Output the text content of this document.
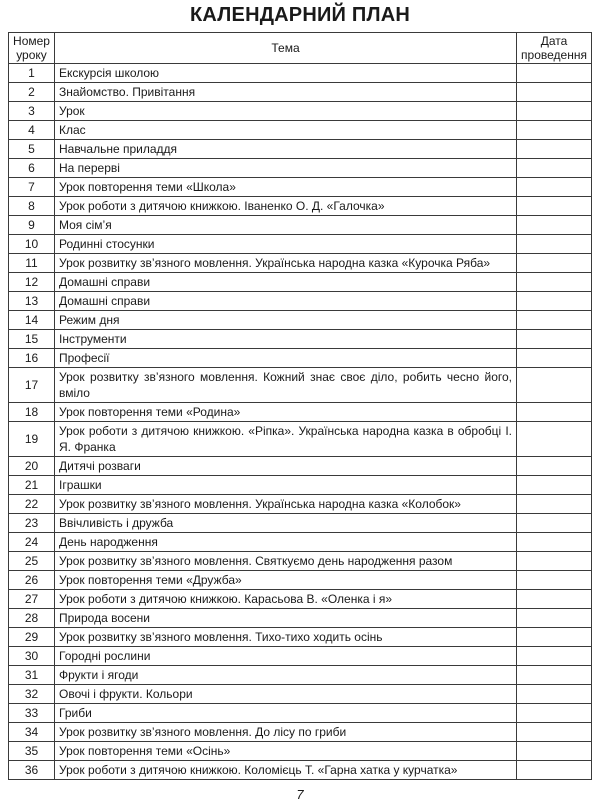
КАЛЕНДАРНИЙ ПЛАН
Номер уроку	Тема	Дата проведення
1	Екскурсія школою	
2	Знайомство. Привітання	
3	Урок	
4	Клас	
5	Навчальне приладдя	
6	На перерві	
7	Урок повторення теми «Школа»	
8	Урок роботи з дитячою книжкою. Іваненко О. Д. «Галочка»	
9	Моя сім’я	
10	Родинні стосунки	
11	Урок розвитку зв’язного мовлення. Українська народна казка «Курочка Ряба»	
12	Домашні справи	
13	Домашні справи	
14	Режим дня	
15	Інструменти	
16	Професії	
17	Урок розвитку зв’язного мовлення. Кожний знає своє діло, робить чесно його, вміло	
18	Урок повторення теми «Родина»	
19	Урок роботи з дитячою книжкою. «Ріпка». Українська народна казка в обробці І. Я. Франка	
20	Дитячі розваги	
21	Іграшки	
22	Урок розвитку зв’язного мовлення. Українська народна казка «Колобок»	
23	Ввічливість і дружба	
24	День народження	
25	Урок розвитку зв’язного мовлення. Святкуємо день народження разом	
26	Урок повторення теми «Дружба»	
27	Урок роботи з дитячою книжкою. Карасьова В. «Оленка і я»	
28	Природа восени	
29	Урок розвитку зв’язного мовлення. Тихо-тихо ходить осінь	
30	Городні рослини	
31	Фрукти і ягоди	
32	Овочі і фрукти. Кольори	
33	Гриби	
34	Урок розвитку зв’язного мовлення. До лісу по гриби	
35	Урок повторення теми «Осінь»	
36	Урок роботи з дитячою книжкою. Коломієць Т. «Гарна хатка у курчатка»	
7
